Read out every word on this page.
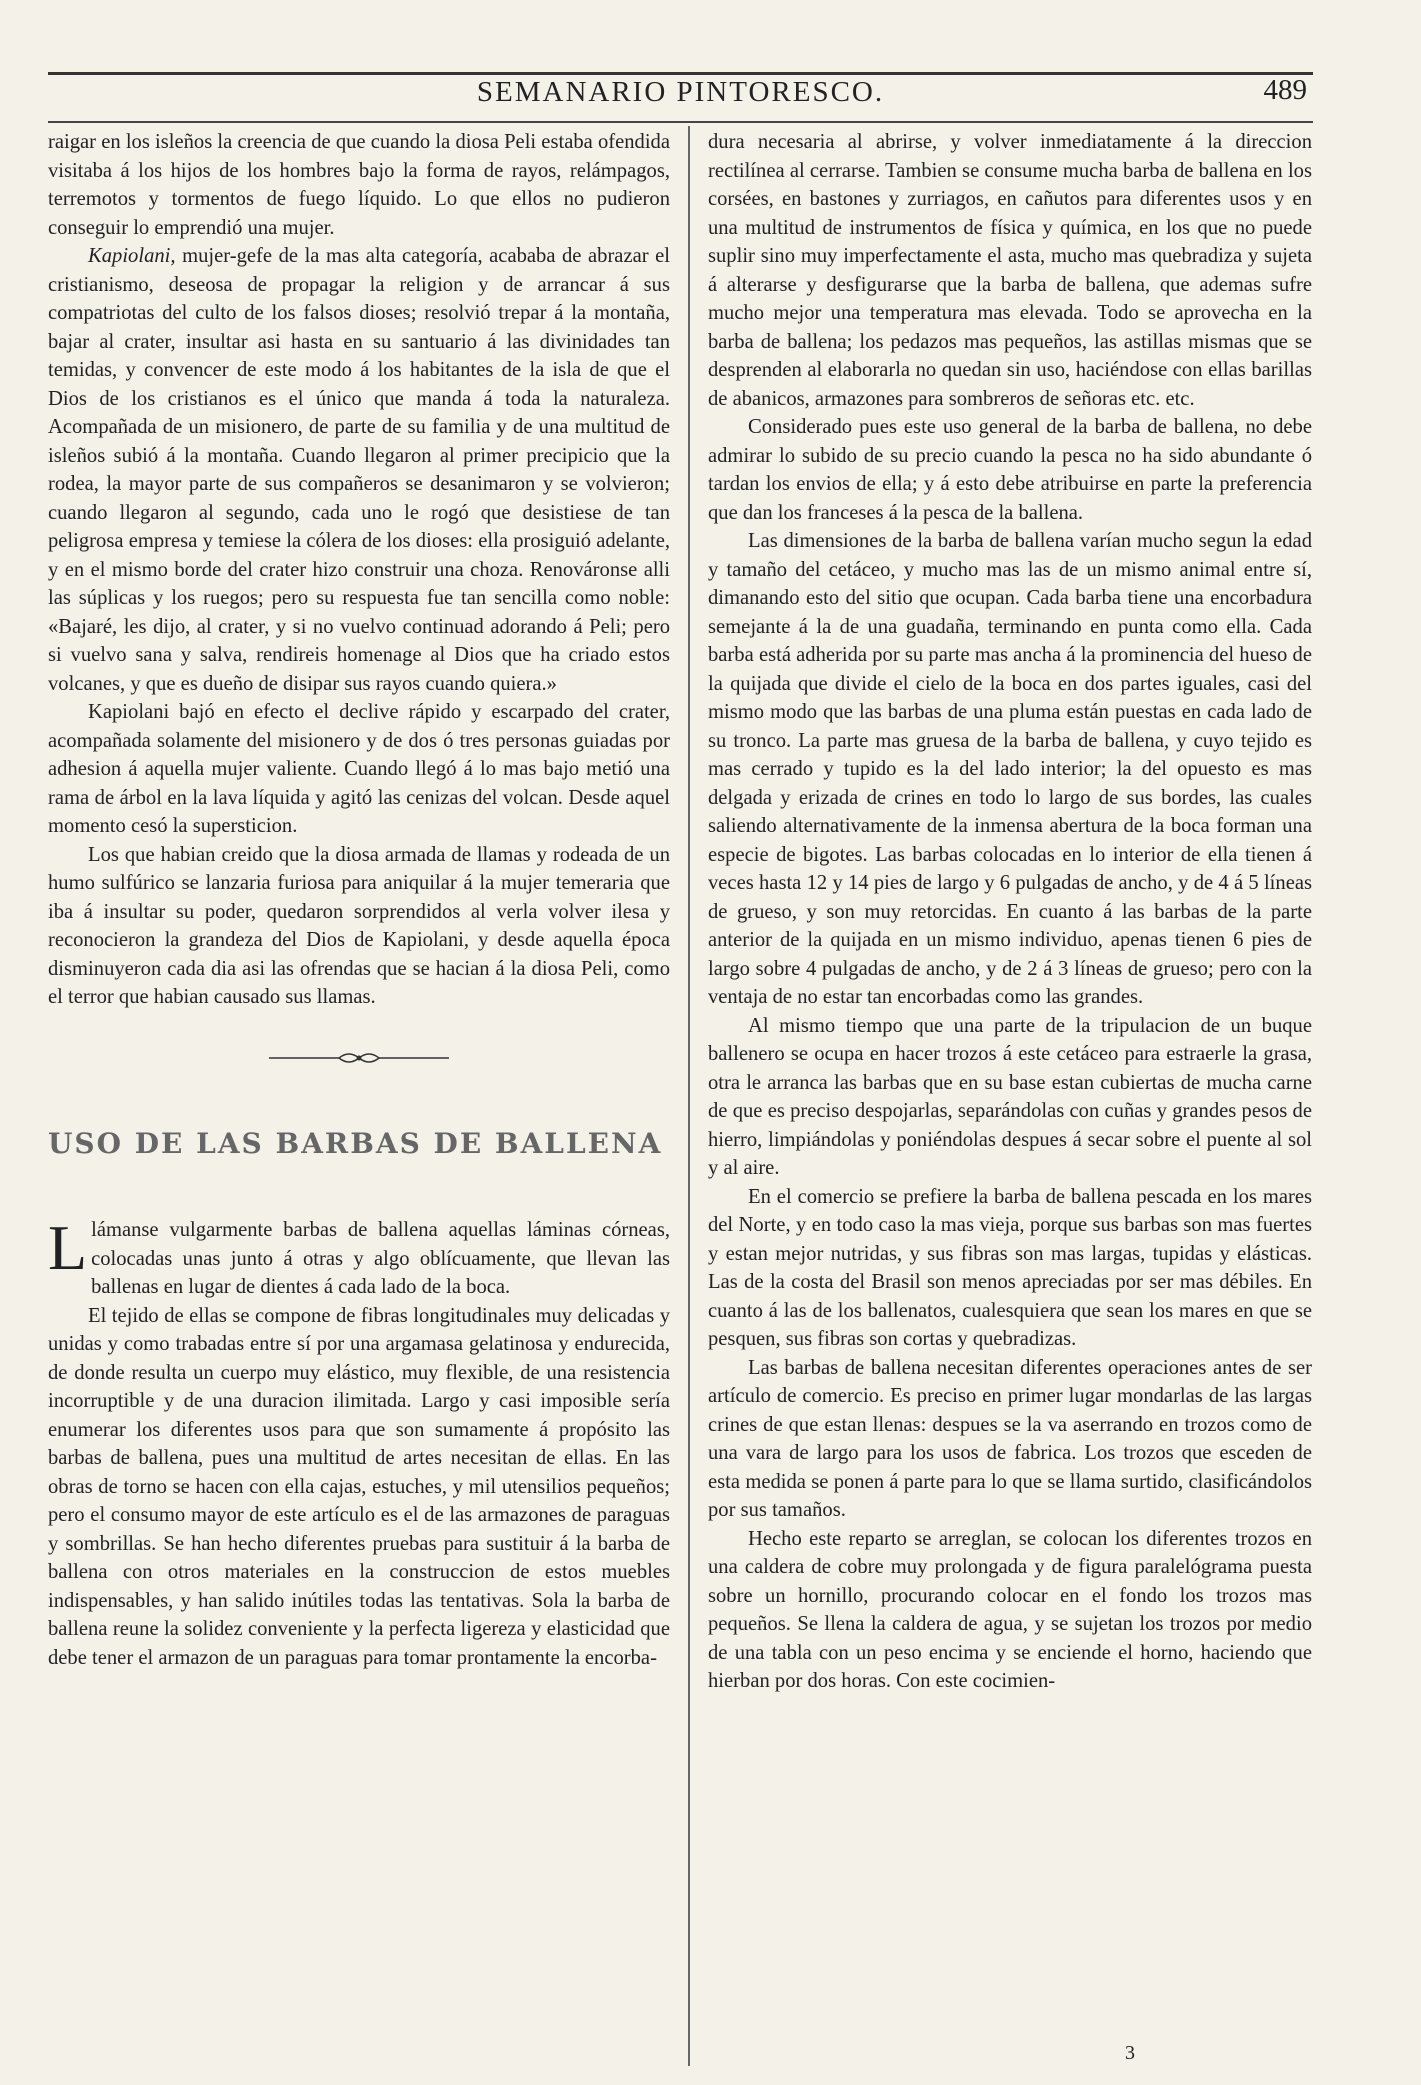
SEMANARIO PINTORESCO.	489

raigar en los isleños la creencia de que cuando la diosa Peli estaba ofendida visitaba á los hijos de los hombres bajo la forma de rayos, relámpagos, terremotos y tormentos de fuego líquido. Lo que ellos no pudieron conseguir lo emprendió una mujer.

Kapiolani, mujer-gefe de la mas alta categoría, acababa de abrazar el cristianismo, deseosa de propagar la religion y de arrancar á sus compatriotas del culto de los falsos dioses; resolvió trepar á la montaña, bajar al crater, insultar asi hasta en su santuario á las divinidades tan temidas, y convencer de este modo á los habitantes de la isla de que el Dios de los cristianos es el único que manda á toda la naturaleza. Acompañada de un misionero, de parte de su familia y de una multitud de isleños subió á la montaña. Cuando llegaron al primer precipicio que la rodea, la mayor parte de sus compañeros se desanimaron y se volvieron; cuando llegaron al segundo, cada uno le rogó que desistiese de tan peligrosa empresa y temiese la cólera de los dioses: ella prosiguió adelante, y en el mismo borde del crater hizo construir una choza. Renováronse alli las súplicas y los ruegos; pero su respuesta fue tan sencilla como noble: «Bajaré, les dijo, al crater, y si no vuelvo continuad adorando á Peli; pero si vuelvo sana y salva, rendireis homenage al Dios que ha criado estos volcanes, y que es dueño de disipar sus rayos cuando quiera.»

Kapiolani bajó en efecto el declive rápido y escarpado del crater, acompañada solamente del misionero y de dos ó tres personas guiadas por adhesion á aquella mujer valiente. Cuando llegó á lo mas bajo metió una rama de árbol en la lava líquida y agitó las cenizas del volcan. Desde aquel momento cesó la supersticion.

Los que habian creido que la diosa armada de llamas y rodeada de un humo sulfúrico se lanzaria furiosa para aniquilar á la mujer temeraria que iba á insultar su poder, quedaron sorprendidos al verla volver ilesa y reconocieron la grandeza del Dios de Kapiolani, y desde aquella época disminuyeron cada dia asi las ofrendas que se hacian á la diosa Peli, como el terror que habian causado sus llamas.

USO DE LAS BARBAS DE BALLENA

Llámanse vulgarmente barbas de ballena aquellas láminas córneas, colocadas unas junto á otras y algo oblícuamente, que llevan las ballenas en lugar de dientes á cada lado de la boca.

El tejido de ellas se compone de fibras longitudinales muy delicadas y unidas y como trabadas entre sí por una argamasa gelatinosa y endurecida, de donde resulta un cuerpo muy elástico, muy flexible, de una resistencia incorruptible y de una duracion ilimitada. Largo y casi imposible sería enumerar los diferentes usos para que son sumamente á propósito las barbas de ballena, pues una multitud de artes necesitan de ellas. En las obras de torno se hacen con ella cajas, estuches, y mil utensilios pequeños; pero el consumo mayor de este artículo es el de las armazones de paraguas y sombrillas. Se han hecho diferentes pruebas para sustituir á la barba de ballena con otros materiales en la construccion de estos muebles indispensables, y han salido inútiles todas las tentativas. Sola la barba de ballena reune la solidez conveniente y la perfecta ligereza y elasticidad que debe tener el armazon de un paraguas para tomar prontamente la encorba-

dura necesaria al abrirse, y volver inmediatamente á la direccion rectilínea al cerrarse. Tambien se consume mucha barba de ballena en los corsées, en bastones y zurriagos, en cañutos para diferentes usos y en una multitud de instrumentos de física y química, en los que no puede suplir sino muy imperfectamente el asta, mucho mas quebradiza y sujeta á alterarse y desfigurarse que la barba de ballena, que ademas sufre mucho mejor una temperatura mas elevada. Todo se aprovecha en la barba de ballena; los pedazos mas pequeños, las astillas mismas que se desprenden al elaborarla no quedan sin uso, haciéndose con ellas barillas de abanicos, armazones para sombreros de señoras etc. etc.

Considerado pues este uso general de la barba de ballena, no debe admirar lo subido de su precio cuando la pesca no ha sido abundante ó tardan los envios de ella; y á esto debe atribuirse en parte la preferencia que dan los franceses á la pesca de la ballena.

Las dimensiones de la barba de ballena varían mucho segun la edad y tamaño del cetáceo, y mucho mas las de un mismo animal entre sí, dimanando esto del sitio que ocupan. Cada barba tiene una encorbadura semejante á la de una guadaña, terminando en punta como ella. Cada barba está adherida por su parte mas ancha á la prominencia del hueso de la quijada que divide el cielo de la boca en dos partes iguales, casi del mismo modo que las barbas de una pluma están puestas en cada lado de su tronco. La parte mas gruesa de la barba de ballena, y cuyo tejido es mas cerrado y tupido es la del lado interior; la del opuesto es mas delgada y erizada de crines en todo lo largo de sus bordes, las cuales saliendo alternativamente de la inmensa abertura de la boca forman una especie de bigotes. Las barbas colocadas en lo interior de ella tienen á veces hasta 12 y 14 pies de largo y 6 pulgadas de ancho, y de 4 á 5 líneas de grueso, y son muy retorcidas. En cuanto á las barbas de la parte anterior de la quijada en un mismo individuo, apenas tienen 6 pies de largo sobre 4 pulgadas de ancho, y de 2 á 3 líneas de grueso; pero con la ventaja de no estar tan encorbadas como las grandes.

Al mismo tiempo que una parte de la tripulacion de un buque ballenero se ocupa en hacer trozos á este cetáceo para estraerle la grasa, otra le arranca las barbas que en su base estan cubiertas de mucha carne de que es preciso despojarlas, separándolas con cuñas y grandes pesos de hierro, limpiándolas y poniéndolas despues á secar sobre el puente al sol y al aire.

En el comercio se prefiere la barba de ballena pescada en los mares del Norte, y en todo caso la mas vieja, porque sus barbas son mas fuertes y estan mejor nutridas, y sus fibras son mas largas, tupidas y elásticas. Las de la costa del Brasil son menos apreciadas por ser mas débiles. En cuanto á las de los ballenatos, cualesquiera que sean los mares en que se pesquen, sus fibras son cortas y quebradizas.

Las barbas de ballena necesitan diferentes operaciones antes de ser artículo de comercio. Es preciso en primer lugar mondarlas de las largas crines de que estan llenas: despues se la va aserrando en trozos como de una vara de largo para los usos de fabrica. Los trozos que esceden de esta medida se ponen á parte para lo que se llama surtido, clasificándolos por sus tamaños.

Hecho este reparto se arreglan, se colocan los diferentes trozos en una caldera de cobre muy prolongada y de figura paralelógrama puesta sobre un hornillo, procurando colocar en el fondo los trozos mas pequeños. Se llena la caldera de agua, y se sujetan los trozos por medio de una tabla con un peso encima y se enciende el horno, haciendo que hierban por dos horas. Con este cocimien-

3
